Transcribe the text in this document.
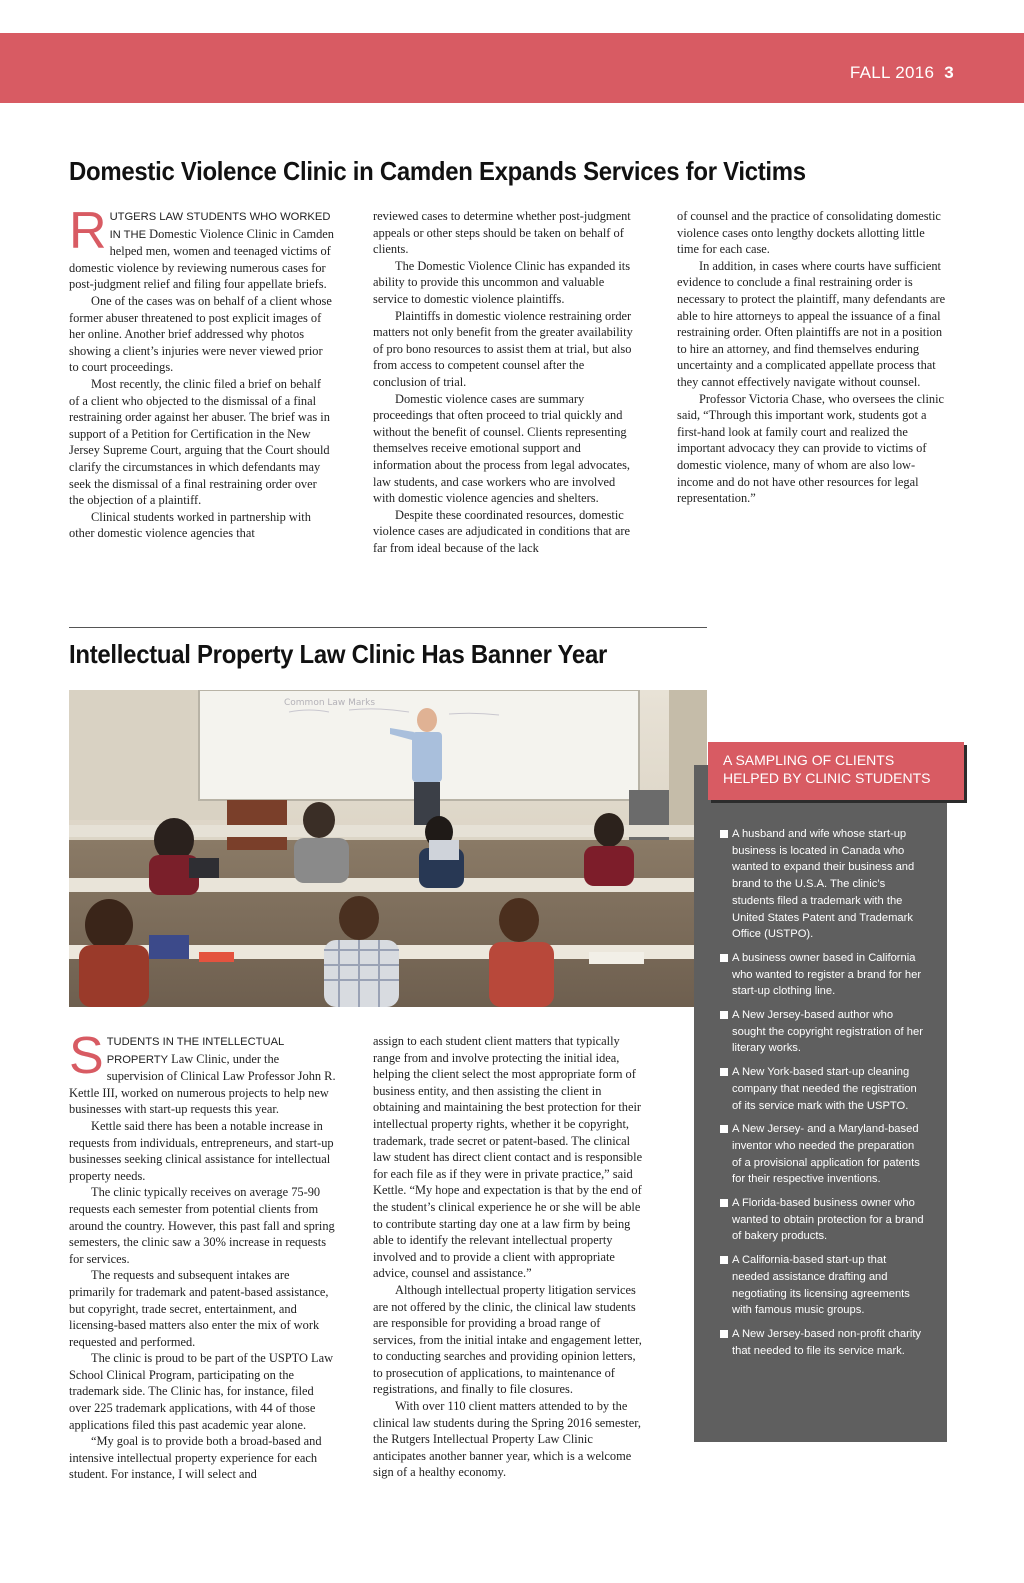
FALL 2016 3
Domestic Violence Clinic in Camden Expands Services for Victims

RUTGERS LAW STUDENTS WHO WORKED IN THE Domestic Violence Clinic in Camden helped men, women and teenaged victims of domestic violence by reviewing numerous cases for post-judgment relief and filing four appellate briefs.

One of the cases was on behalf of a client whose former abuser threatened to post explicit images of her online. Another brief addressed why photos showing a client’s injuries were never viewed prior to court proceedings.

Most recently, the clinic filed a brief on behalf of a client who objected to the dismissal of a final restraining order against her abuser. The brief was in support of a Petition for Certification in the New Jersey Supreme Court, arguing that the Court should clarify the circumstances in which defendants may seek the dismissal of a final restraining order over the objection of a plaintiff.

Clinical students worked in partnership with other domestic violence agencies that

reviewed cases to determine whether post-judgment appeals or other steps should be taken on behalf of clients.

The Domestic Violence Clinic has expanded its ability to provide this uncommon and valuable service to domestic violence plaintiffs.

Plaintiffs in domestic violence restraining order matters not only benefit from the greater availability of pro bono resources to assist them at trial, but also from access to competent counsel after the conclusion of trial.

Domestic violence cases are summary proceedings that often proceed to trial quickly and without the benefit of counsel. Clients representing themselves receive emotional support and information about the process from legal advocates, law students, and case workers who are involved with domestic violence agencies and shelters.

Despite these coordinated resources, domestic violence cases are adjudicated in conditions that are far from ideal because of the lack

of counsel and the practice of consolidating domestic violence cases onto lengthy dockets allotting little time for each case.

In addition, in cases where courts have sufficient evidence to conclude a final restraining order is necessary to protect the plaintiff, many defendants are able to hire attorneys to appeal the issuance of a final restraining order. Often plaintiffs are not in a position to hire an attorney, and find themselves enduring uncertainty and a complicated appellate process that they cannot effectively navigate without counsel.

Professor Victoria Chase, who oversees the clinic said, “Through this important work, students got a first-hand look at family court and realized the important advocacy they can provide to victims of domestic violence, many of whom are also low-income and do not have other resources for legal representation.”

Intellectual Property Law Clinic Has Banner Year
Common Law Marks

STUDENTS IN THE INTELLECTUAL PROPERTY Law Clinic, under the supervision of Clinical Law Professor John R. Kettle III, worked on numerous projects to help new businesses with start-up requests this year.

Kettle said there has been a notable increase in requests from individuals, entrepreneurs, and start-up businesses seeking clinical assistance for intellectual property needs.

The clinic typically receives on average 75-90 requests each semester from potential clients from around the country. However, this past fall and spring semesters, the clinic saw a 30% increase in requests for services.

The requests and subsequent intakes are primarily for trademark and patent-based assistance, but copyright, trade secret, entertainment, and licensing-based matters also enter the mix of work requested and performed.

The clinic is proud to be part of the USPTO Law School Clinical Program, participating on the trademark side. The Clinic has, for instance, filed over 225 trademark applications, with 44 of those applications filed this past academic year alone.

“My goal is to provide both a broad-based and intensive intellectual property experience for each student. For instance, I will select and

assign to each student client matters that typically range from and involve protecting the initial idea, helping the client select the most appropriate form of business entity, and then assisting the client in obtaining and maintaining the best protection for their intellectual property rights, whether it be copyright, trademark, trade secret or patent-based. The clinical law student has direct client contact and is responsible for each file as if they were in private practice,” said Kettle. “My hope and expectation is that by the end of the student’s clinical experience he or she will be able to contribute starting day one at a law firm by being able to identify the relevant intellectual property involved and to provide a client with appropriate advice, counsel and assistance.”

Although intellectual property litigation services are not offered by the clinic, the clinical law students are responsible for providing a broad range of services, from the initial intake and engagement letter, to conducting searches and providing opinion letters, to prosecution of applications, to maintenance of registrations, and finally to file closures.

With over 110 client matters attended to by the clinical law students during the Spring 2016 semester, the Rutgers Intellectual Property Law Clinic anticipates another banner year, which is a welcome sign of a healthy economy.

A SAMPLING OF CLIENTS HELPED BY CLINIC STUDENTS
A husband and wife whose start-up business is located in Canada who wanted to expand their business and brand to the U.S.A. The clinic’s students filed a trademark with the United States Patent and Trademark Office (USTPO).
A business owner based in California who wanted to register a brand for her start-up clothing line.
A New Jersey-based author who sought the copyright registration of her literary works.
A New York-based start-up cleaning company that needed the registration of its service mark with the USPTO.
A New Jersey- and a Maryland-based inventor who needed the preparation of a provisional application for patents for their respective inventions.
A Florida-based business owner who wanted to obtain protection for a brand of bakery products.
A California-based start-up that needed assistance drafting and negotiating its licensing agreements with famous music groups.
A New Jersey-based non-profit charity that needed to file its service mark.
